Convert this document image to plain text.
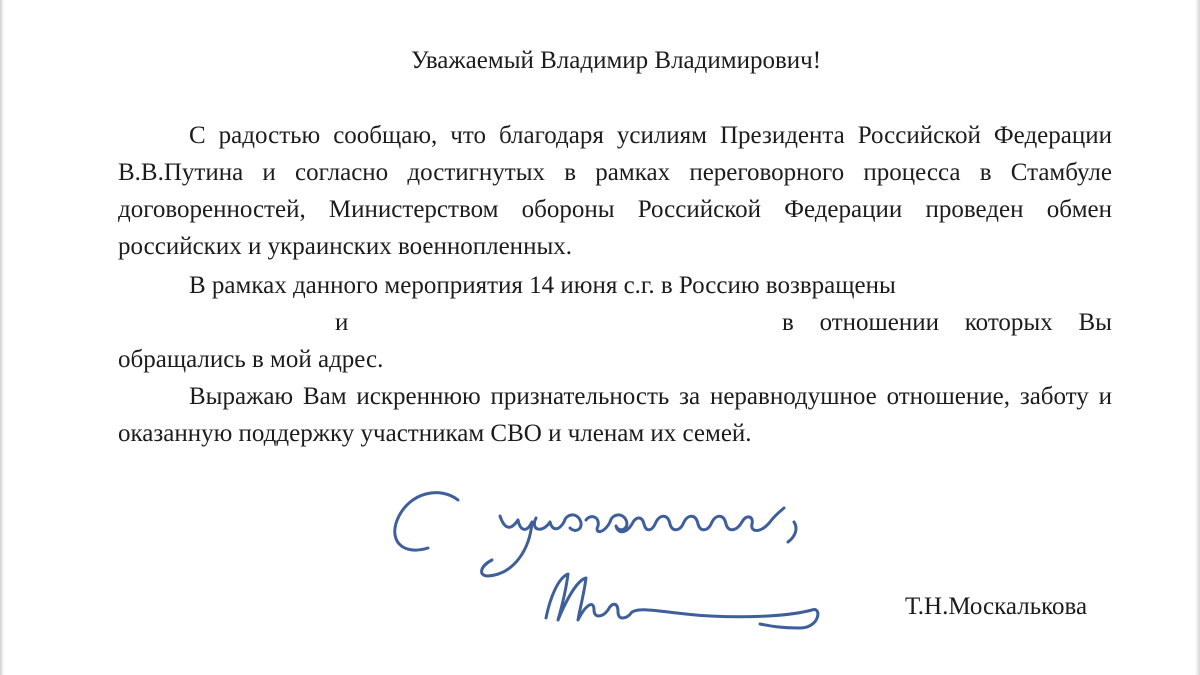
Уважаемый Владимир Владимирович!

С радостью сообщаю, что благодаря усилиям Президента Российской Федерации В.В.Путина и согласно достигнутых в рамках переговорного процесса в Стамбуле договоренностей, Министерством обороны Российской Федерации проведен обмен российских и украинских военнопленных.

В рамках данного мероприятия 14 июня с.г. в Россию возвращены
и	в отношении которых Вы
обращались в мой адрес.

Выражаю Вам искреннюю признательность за неравнодушное отношение, заботу и оказанную поддержку участникам СВО и членам их семей.

Т.Н.Москалькова
